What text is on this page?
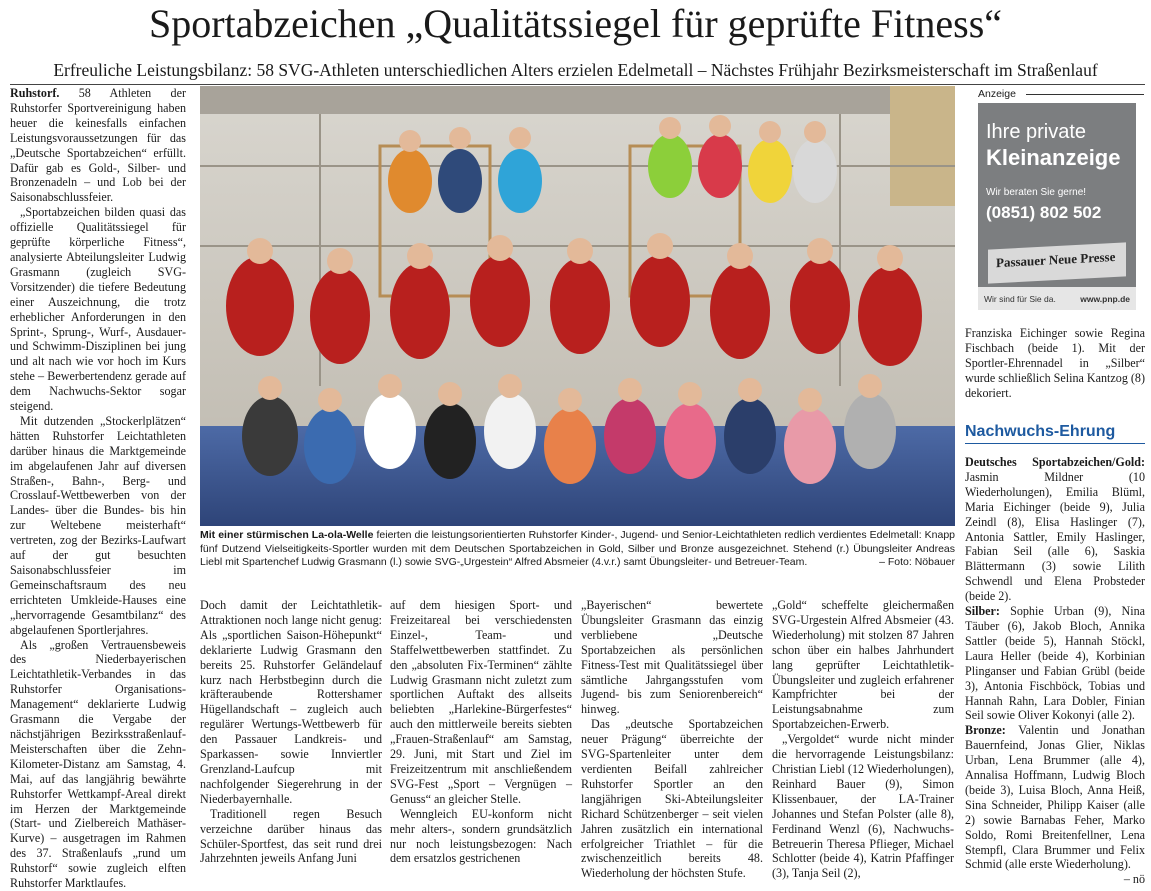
Sportabzeichen „Qualitätssiegel für geprüfte Fitness“
Erfreuliche Leistungsbilanz: 58 SVG-Athleten unterschiedlichen Alters erzielen Edelmetall – Nächstes Frühjahr Bezirksmeisterschaft im Straßenlauf

Ruhstorf. 58 Athleten der Ruhstorfer Sportvereinigung haben heuer die keinesfalls einfachen Leistungsvoraussetzungen für das „Deutsche Sportabzeichen“ erfüllt. Dafür gab es Gold-, Silber- und Bronzenadeln – und Lob bei der Saisonabschlussfeier.

„Sportabzeichen bilden quasi das offizielle Qualitätssiegel für geprüfte körperliche Fitness“, analysierte Abteilungsleiter Ludwig Grasmann (zugleich SVG-Vorsitzender) die tiefere Bedeutung einer Auszeichnung, die trotz erheblicher Anforderungen in den Sprint-, Sprung-, Wurf-, Ausdauer- und Schwimm-Disziplinen bei jung und alt nach wie vor hoch im Kurs stehe – Bewerbertendenz gerade auf dem Nachwuchs-Sektor sogar steigend.

Mit dutzenden „Stockerlplätzen“ hätten Ruhstorfer Leichtathleten darüber hinaus die Marktgemeinde im abgelaufenen Jahr auf diversen Straßen-, Bahn-, Berg- und Crosslauf-Wettbewerben von der Landes- über die Bundes- bis hin zur Weltebene meisterhaft“ vertreten, zog der Bezirks-Laufwart auf der gut besuchten Saisonabschlussfeier im Gemeinschaftsraum des neu errichteten Umkleide-Hauses eine „hervorragende Gesamtbilanz“ des abgelaufenen Sportlerjahres.

Als „großen Vertrauensbeweis des Niederbayerischen Leichtathletik-Verbandes in das Ruhstorfer Organisations-Management“ deklarierte Ludwig Grasmann die Vergabe der nächstjährigen Bezirksstraßenlauf-Meisterschaften über die Zehn-Kilometer-Distanz am Samstag, 4. Mai, auf das langjährig bewährte Ruhstorfer Wettkampf-Areal direkt im Herzen der Marktgemeinde (Start- und Zielbereich Mathäser-Kurve) – ausgetragen im Rahmen des 37. Straßenlaufs „rund um Ruhstorf“ sowie zugleich elften Ruhstorfer Marktlaufes.

Mit einer stürmischen La-ola-Welle feierten die leistungsorientierten Ruhstorfer Kinder-, Jugend- und Senior-Leichtathleten redlich verdientes Edelmetall: Knapp fünf Dutzend Vielseitigkeits-Sportler wurden mit dem Deutschen Sportabzeichen in Gold, Silber und Bronze ausgezeichnet. Stehend (r.) Übungsleiter Andreas Liebl mit Spartenchef Ludwig Grasmann (l.) sowie SVG-„Urgestein“ Alfred Absmeier (4.v.r.) samt Übungsleiter- und Betreuer-Team.	– Foto: Nöbauer

Doch damit der Leichtathletik-Attraktionen noch lange nicht genug: Als „sportlichen Saison-Höhepunkt“ deklarierte Ludwig Grasmann den bereits 25. Ruhstorfer Geländelauf kurz nach Herbstbeginn durch die kräfteraubende Rottershamer Hügellandschaft – zugleich auch regulärer Wertungs-Wettbewerb für den Passauer Landkreis- und Sparkassen- sowie Innviertler Grenzland-Laufcup mit nachfolgender Siegerehrung in der Niederbayernhalle.

Traditionell regen Besuch verzeichne darüber hinaus das Schüler-Sportfest, das seit rund drei Jahrzehnten jeweils Anfang Juni

auf dem hiesigen Sport- und Freizeitareal bei verschiedensten Einzel-, Team- und Staffelwettbewerben stattfindet. Zu den „absoluten Fix-Terminen“ zählte Ludwig Grasmann nicht zuletzt zum sportlichen Auftakt des allseits beliebten „Harlekine-Bürgerfestes“ auch den mittlerweile bereits siebten „Frauen-Straßenlauf“ am Samstag, 29. Juni, mit Start und Ziel im Freizeitzentrum mit anschließendem SVG-Fest „Sport – Vergnügen – Genuss“ an gleicher Stelle.

Wenngleich EU-konform nicht mehr alters-, sondern grundsätzlich nur noch leistungsbezogen: Nach dem ersatzlos gestrichenen

„Bayerischen“ bewertete Übungsleiter Grasmann das einzig verbliebene „Deutsche Sportabzeichen als persönlichen Fitness-Test mit Qualitätssiegel über sämtliche Jahrgangsstufen vom Jugend- bis zum Seniorenbereich“ hinweg.

Das „deutsche Sportabzeichen neuer Prägung“ überreichte der SVG-Spartenleiter unter dem verdienten Beifall zahlreicher Ruhstorfer Sportler an den langjährigen Ski-Abteilungsleiter Richard Schützenberger – seit vielen Jahren zusätzlich ein international erfolgreicher Triathlet – für die zwischenzeitlich bereits 48. Wiederholung der höchsten Stufe.

„Gold“ scheffelte gleichermaßen SVG-Urgestein Alfred Absmeier (43. Wiederholung) mit stolzen 87 Jahren schon über ein halbes Jahrhundert lang geprüfter Leichtathletik-Übungsleiter und zugleich erfahrener Kampfrichter bei der Leistungsabnahme zum Sportabzeichen-Erwerb.

„Vergoldet“ wurde nicht minder die hervorragende Leistungsbilanz: Christian Liebl (12 Wiederholungen), Reinhard Bauer (9), Simon Klissenbauer, der LA-Trainer Johannes und Stefan Polster (alle 8), Ferdinand Wenzl (6), Nachwuchs-Betreuerin Theresa Pflieger, Michael Schlotter (beide 4), Katrin Pfaffinger (3), Tanja Seil (2),

Anzeige
Ihre private
Kleinanzeige
Wir beraten Sie gerne!
(0851) 802 502
Passauer Neue Presse
Wir sind für Sie da.	www.pnp.de

Franziska Eichinger sowie Regina Fischbach (beide 1). Mit der Sportler-Ehrennadel in „Silber“ wurde schließlich Selina Kantzog (8) dekoriert.

Nachwuchs-Ehrung

Deutsches Sportabzeichen/Gold: Jasmin Mildner (10 Wiederholungen), Emilia Blüml, Maria Eichinger (beide 9), Julia Zeindl (8), Elisa Haslinger (7), Antonia Sattler, Emily Haslinger, Fabian Seil (alle 6), Saskia Blättermann (3) sowie Lilith Schwendl und Elena Probsteder (beide 2).

Silber: Sophie Urban (9), Nina Täuber (6), Jakob Bloch, Annika Sattler (beide 5), Hannah Stöckl, Laura Heller (beide 4), Korbinian Plinganser und Fabian Grübl (beide 3), Antonia Fischböck, Tobias und Hannah Rahn, Lara Dobler, Finian Seil sowie Oliver Kokonyi (alle 2).

Bronze: Valentin und Jonathan Bauernfeind, Jonas Glier, Niklas Urban, Lena Brummer (alle 4), Annalisa Hoffmann, Ludwig Bloch (beide 3), Luisa Bloch, Anna Heiß, Sina Schneider, Philipp Kaiser (alle 2) sowie Barnabas Feher, Marko Soldo, Romi Breitenfellner, Lena Stempfl, Clara Brummer und Felix Schmid (alle erste Wiederholung).
– nö
